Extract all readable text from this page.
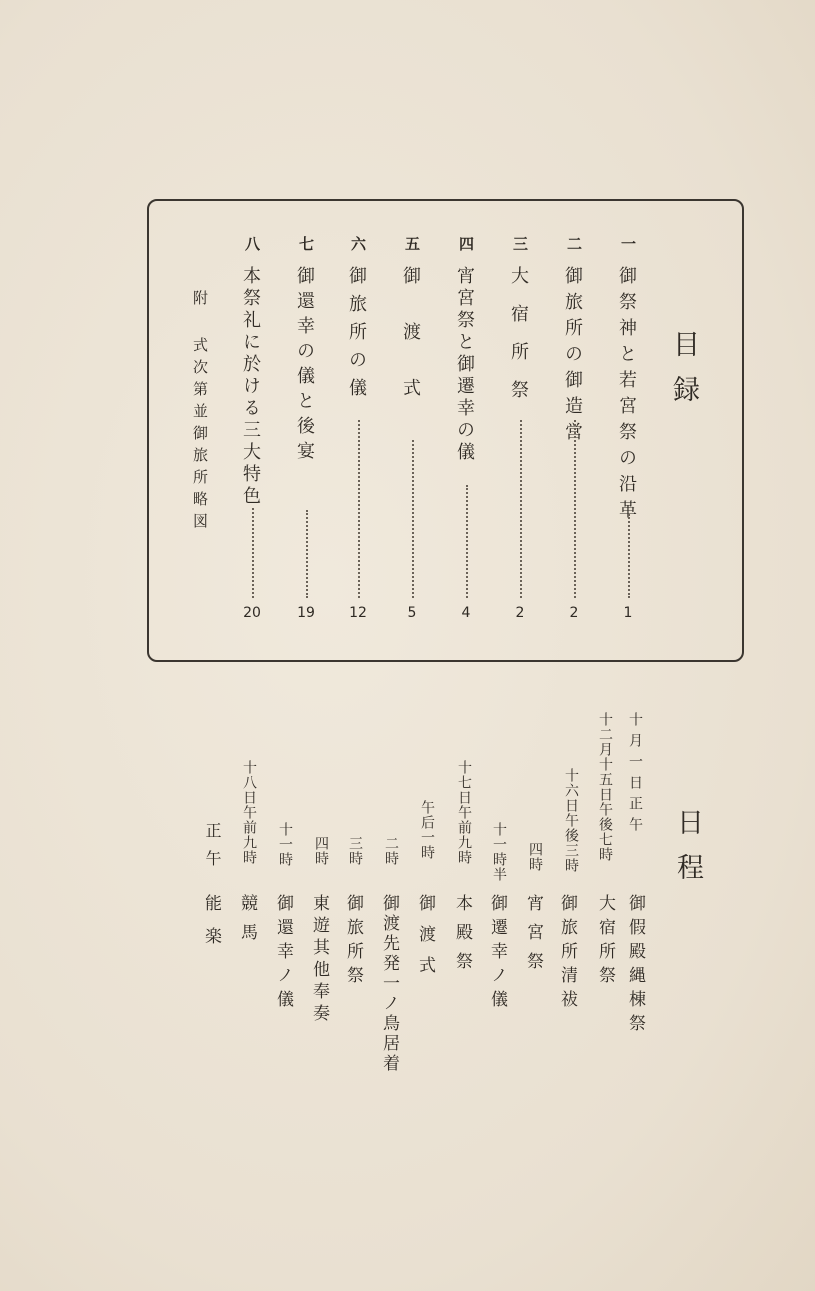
目録
一
御祭神と若宮祭の沿革
1
二
御旅所の御造営
2
三
大宿所祭
2
四
宵宮祭と御遷幸の儀
4
五
御渡式
5
六
御旅所の儀
12
七
御還幸の儀と後宴
19
八
本祭礼に於ける三大特色
20
附 式次第並御旅所略図
日程
十月一日正午
御假殿縄棟祭
十二月十五日午後七時
大宿所祭
十六日午後三時
御旅所清祓
四時
宵宮祭
十一時半
御遷幸ノ儀
十七日午前九時
本殿祭
午后一時
御渡式
二時
御渡先発一ノ鳥居着
三時
御旅所祭
四時
東遊其他奉奏
十一時
御還幸ノ儀
十八日午前九時
競馬
正午
能楽
